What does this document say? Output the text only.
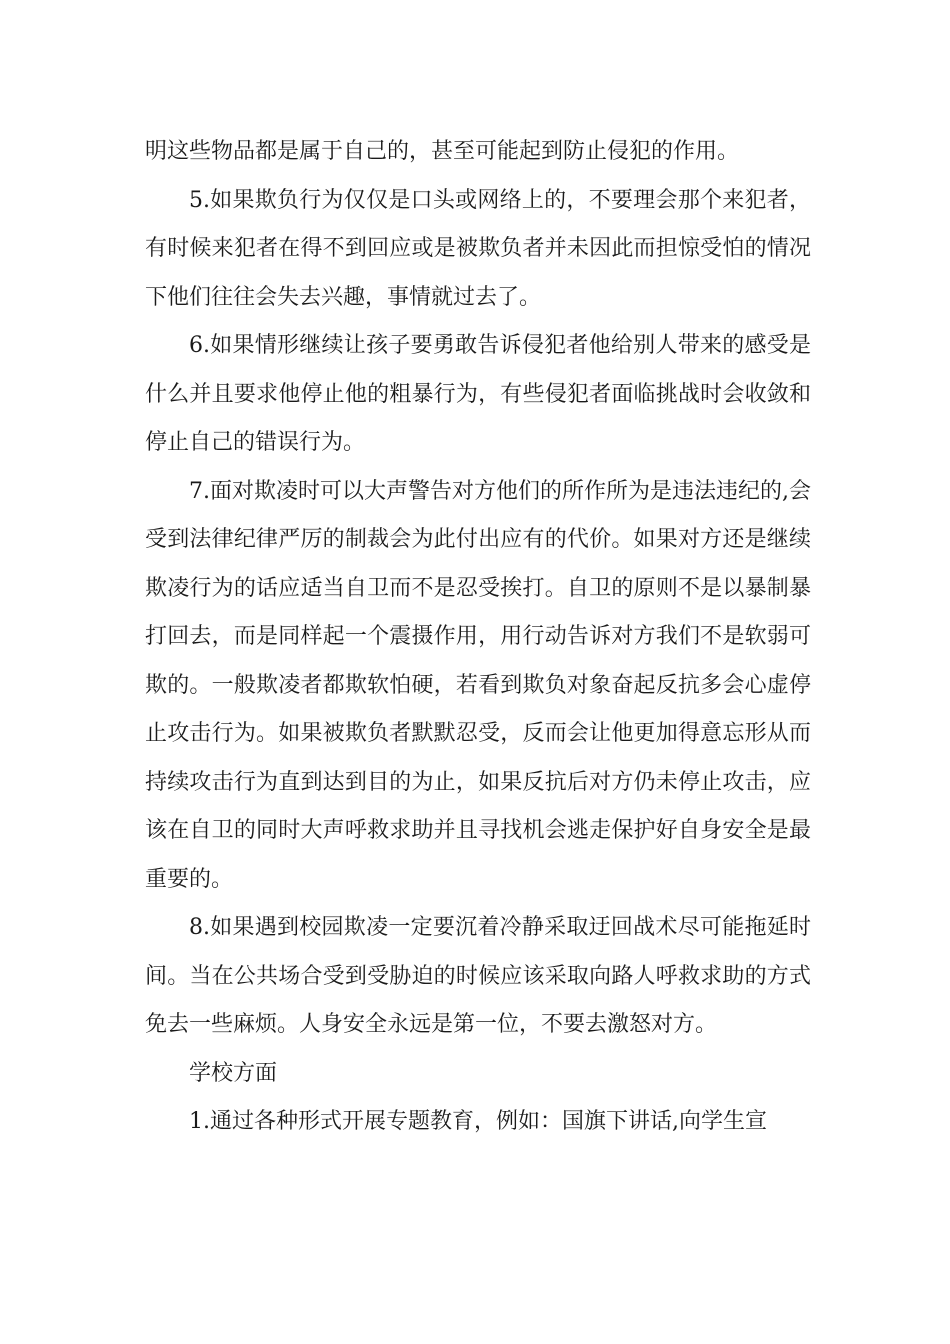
明这些物品都是属于自己的，甚至可能起到防止侵犯的作用。

5.如果欺负行为仅仅是口头或网络上的，不要理会那个来犯者，有时候来犯者在得不到回应或是被欺负者并未因此而担惊受怕的情况下他们往往会失去兴趣，事情就过去了。

6.如果情形继续让孩子要勇敢告诉侵犯者他给别人带来的感受是什么并且要求他停止他的粗暴行为，有些侵犯者面临挑战时会收敛和停止自己的错误行为。

7.面对欺凌时可以大声警告对方他们的所作所为是违法违纪的,会受到法律纪律严厉的制裁会为此付出应有的代价。如果对方还是继续欺凌行为的话应适当自卫而不是忍受挨打。自卫的原则不是以暴制暴打回去，而是同样起一个震摄作用，用行动告诉对方我们不是软弱可欺的。一般欺凌者都欺软怕硬，若看到欺负对象奋起反抗多会心虚停止攻击行为。如果被欺负者默默忍受，反而会让他更加得意忘形从而持续攻击行为直到达到目的为止，如果反抗后对方仍未停止攻击，应该在自卫的同时大声呼救求助并且寻找机会逃走保护好自身安全是最重要的。

8.如果遇到校园欺凌一定要沉着冷静采取迂回战术尽可能拖延时间。当在公共场合受到受胁迫的时候应该采取向路人呼救求助的方式免去一些麻烦。人身安全永远是第一位，不要去激怒对方。

学校方面

1.通过各种形式开展专题教育，例如：国旗下讲话,向学生宣
